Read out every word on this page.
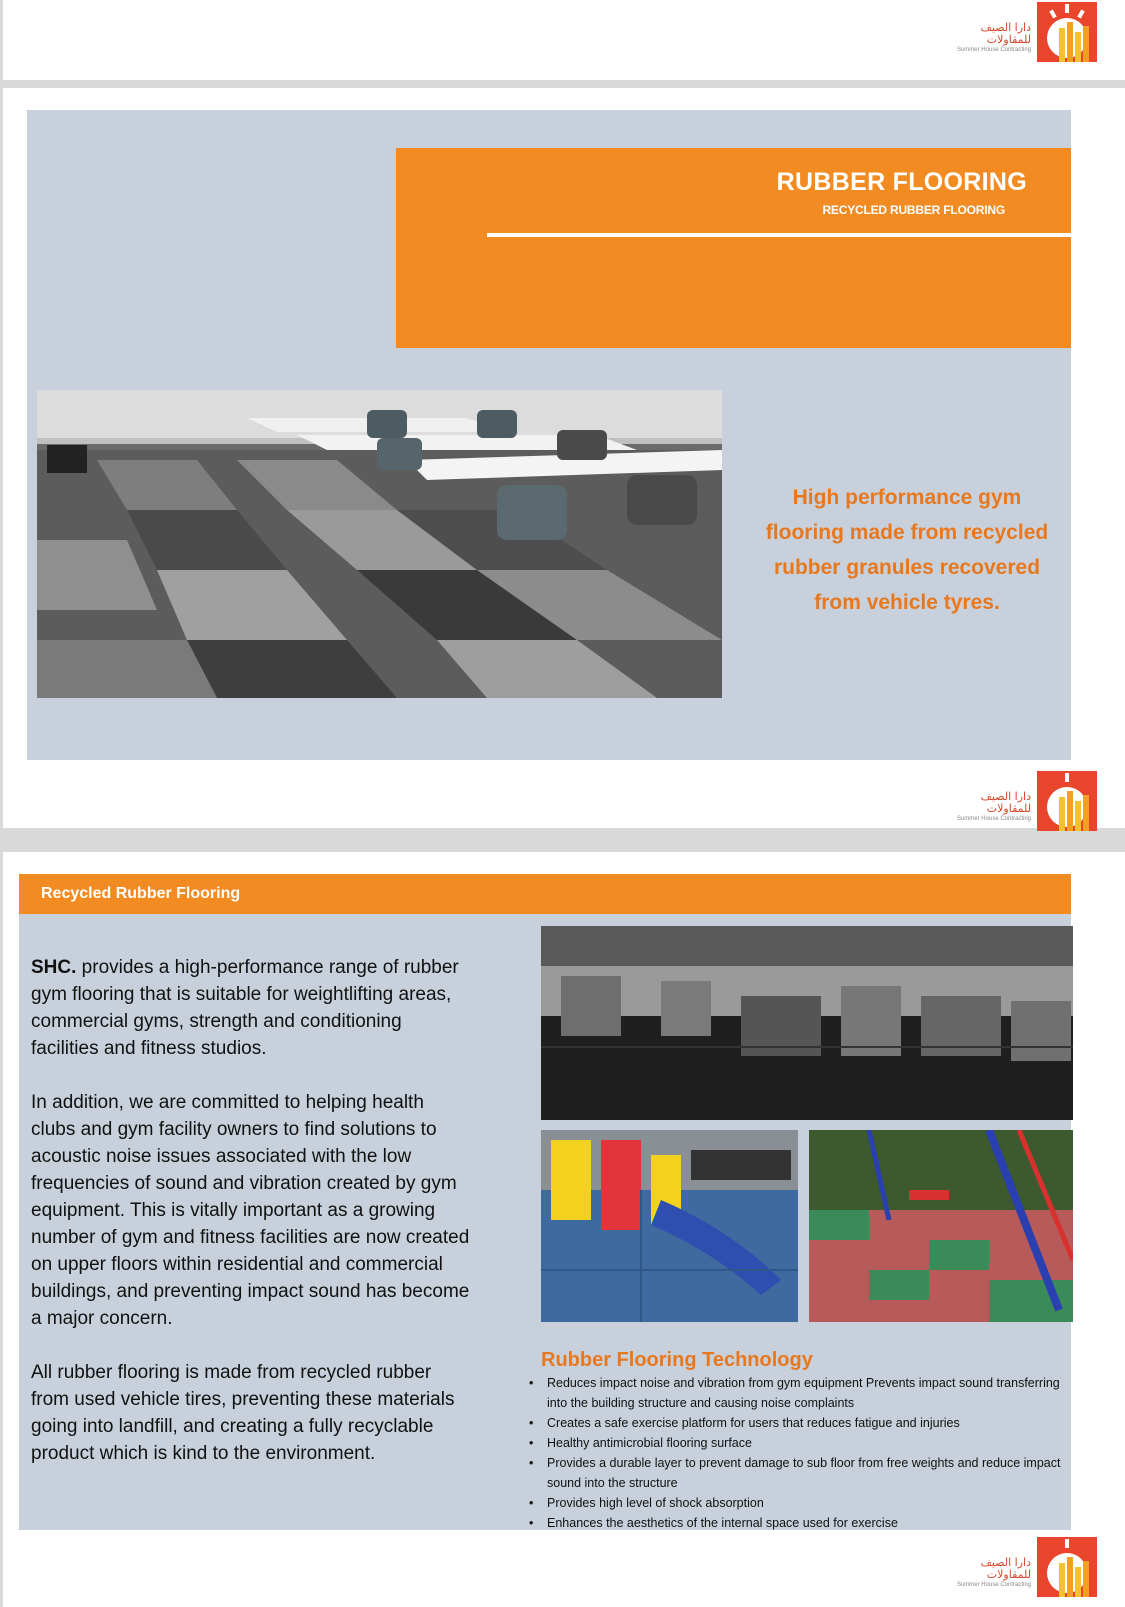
دارا الصيف للمقاولات
Summer House Contracting
RUBBER FLOORING
RECYCLED RUBBER FLOORING
High performance gym
flooring made from recycled
rubber granules recovered
from vehicle tyres.
دارا الصيف للمقاولات
Summer House Contracting
Recycled Rubber Flooring

SHC. provides a high-performance range of rubber gym flooring that is suitable for weightlifting areas, commercial gyms, strength and conditioning facilities and fitness studios.

In addition, we are committed to helping health clubs and gym facility owners to find solutions to acoustic noise issues associated with the low frequencies of sound and vibration created by gym equipment. This is vitally important as a growing number of gym and fitness facilities are now created on upper floors within residential and commercial buildings, and preventing impact sound has become a major concern.

All rubber flooring is made from recycled rubber from used vehicle tires, preventing these materials going into landfill, and creating a fully recyclable product which is kind to the environment.

Rubber Flooring Technology
• Reduces impact noise and vibration from gym equipment Prevents impact sound transferring into the building structure and causing noise complaints
• Creates a safe exercise platform for users that reduces fatigue and injuries
• Healthy antimicrobial flooring surface
• Provides a durable layer to prevent damage to sub floor from free weights and reduce impact sound into the structure
• Provides high level of shock absorption
• Enhances the aesthetics of the internal space used for exercise
دارا الصيف للمقاولات
Summer House Contracting
